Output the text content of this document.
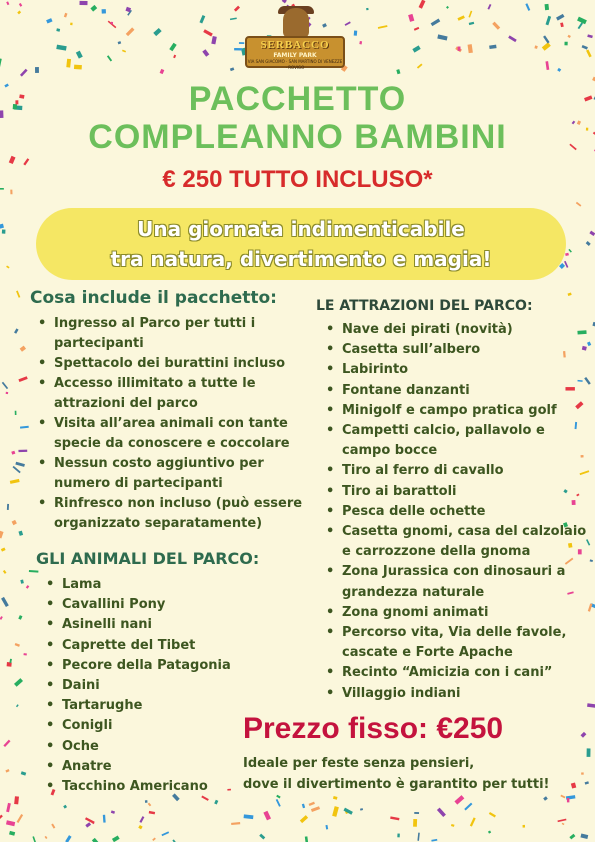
SERBACCO
FAMILY PARK
VIA SAN GIACOMO · SAN MARTINO DI VENEZZE · ROVIGO
PACCHETTO
COMPLEANNO BAMBINI
€ 250 TUTTO INCLUSO*
Una giornata indimenticabile
tra natura, divertimento e magia!
Cosa include il pacchetto:
• Ingresso al Parco per tutti i partecipanti
• Spettacolo dei burattini incluso
• Accesso illimitato a tutte le attrazioni del parco
• Visita all’area animali con tante specie da conoscere e coccolare
• Nessun costo aggiuntivo per numero di partecipanti
• Rinfresco non incluso (può essere organizzato separatamente)
LE ATTRAZIONI DEL PARCO:
• Nave dei pirati (novità)
• Casetta sull’albero
• Labirinto
• Fontane danzanti
• Minigolf e campo pratica golf
• Campetti calcio, pallavolo e campo bocce
• Tiro al ferro di cavallo
• Tiro ai barattoli
• Pesca delle ochette
• Casetta gnomi, casa del calzolaio e carrozzone della gnoma
• Zona Jurassica con dinosauri a grandezza naturale
• Zona gnomi animati
• Percorso vita, Via delle favole, cascate e Forte Apache
• Recinto “Amicizia con i cani”
• Villaggio indiani
GLI ANIMALI DEL PARCO:
• Lama
• Cavallini Pony
• Asinelli nani
• Caprette del Tibet
• Pecore della Patagonia
• Daini
• Tartarughe
• Conigli
• Oche
• Anatre
• Tacchino Americano
Prezzo fisso: €250
Ideale per feste senza pensieri,
dove il divertimento è garantito per tutti!
